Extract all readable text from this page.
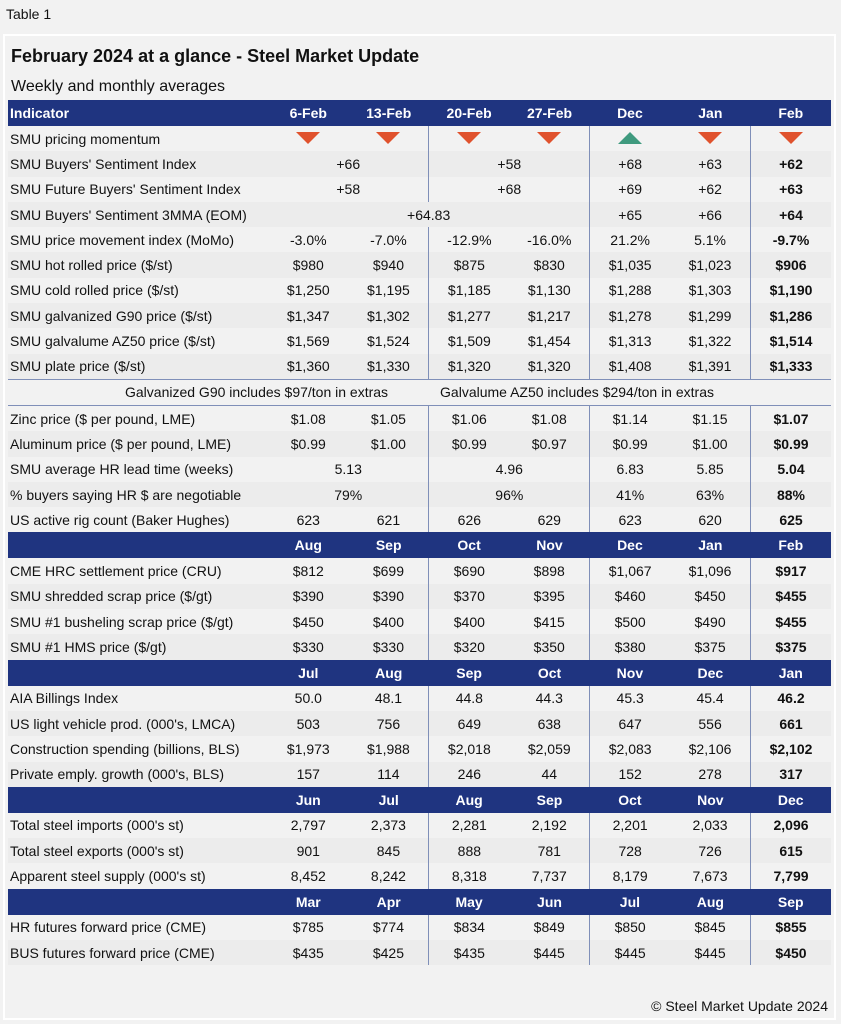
Table 1
February 2024 at a glance - Steel Market Update
Weekly and monthly averages
Indicator	6-Feb	13-Feb	20-Feb	27-Feb	Dec	Jan	Feb
SMU pricing momentum							
SMU Buyers' Sentiment Index	+66		+58		+68	+63	+62
SMU Future Buyers' Sentiment Index	+58		+68		+69	+62	+63
SMU Buyers' Sentiment 3MMA (EOM)	+64.83				+65	+66	+64
SMU price movement index (MoMo)	-3.0%	-7.0%	-12.9%	-16.0%	21.2%	5.1%	-9.7%
SMU hot rolled price ($/st)	$980	$940	$875	$830	$1,035	$1,023	$906
SMU cold rolled price ($/st)	$1,250	$1,195	$1,185	$1,130	$1,288	$1,303	$1,190
SMU galvanized G90 price ($/st)	$1,347	$1,302	$1,277	$1,217	$1,278	$1,299	$1,286
SMU galvalume AZ50 price ($/st)	$1,569	$1,524	$1,509	$1,454	$1,313	$1,322	$1,514
SMU plate price ($/st)	$1,360	$1,330	$1,320	$1,320	$1,408	$1,391	$1,333

Galvanized G90 includes $97/ton in extras Galvalume AZ50 includes $294/ton in extras							

Zinc price ($ per pound, LME)	$1.08	$1.05	$1.06	$1.08	$1.14	$1.15	$1.07
Aluminum price ($ per pound, LME)	$0.99	$1.00	$0.99	$0.97	$0.99	$1.00	$0.99
SMU average HR lead time (weeks)	5.13		4.96		6.83	5.85	5.04
% buyers saying HR $ are negotiable	79%		96%		41%	63%	88%
US active rig count (Baker Hughes)	623	621	626	629	623	620	625
	Aug	Sep	Oct	Nov	Dec	Jan	Feb
CME HRC settlement price (CRU)	$812	$699	$690	$898	$1,067	$1,096	$917
SMU shredded scrap price ($/gt)	$390	$390	$370	$395	$460	$450	$455
SMU #1 busheling scrap price ($/gt)	$450	$400	$400	$415	$500	$490	$455
SMU #1 HMS price ($/gt)	$330	$330	$320	$350	$380	$375	$375
	Jul	Aug	Sep	Oct	Nov	Dec	Jan
AIA Billings Index	50.0	48.1	44.8	44.3	45.3	45.4	46.2
US light vehicle prod. (000's, LMCA)	503	756	649	638	647	556	661
Construction spending (billions, BLS)	$1,973	$1,988	$2,018	$2,059	$2,083	$2,106	$2,102
Private emply. growth (000's, BLS)	157	114	246	44	152	278	317
	Jun	Jul	Aug	Sep	Oct	Nov	Dec
Total steel imports (000's st)	2,797	2,373	2,281	2,192	2,201	2,033	2,096
Total steel exports (000's st)	901	845	888	781	728	726	615
Apparent steel supply (000's st)	8,452	8,242	8,318	7,737	8,179	7,673	7,799
	Mar	Apr	May	Jun	Jul	Aug	Sep
HR futures forward price (CME)	$785	$774	$834	$849	$850	$845	$855
BUS futures forward price (CME)	$435	$425	$435	$445	$445	$445	$450
© Steel Market Update 2024
